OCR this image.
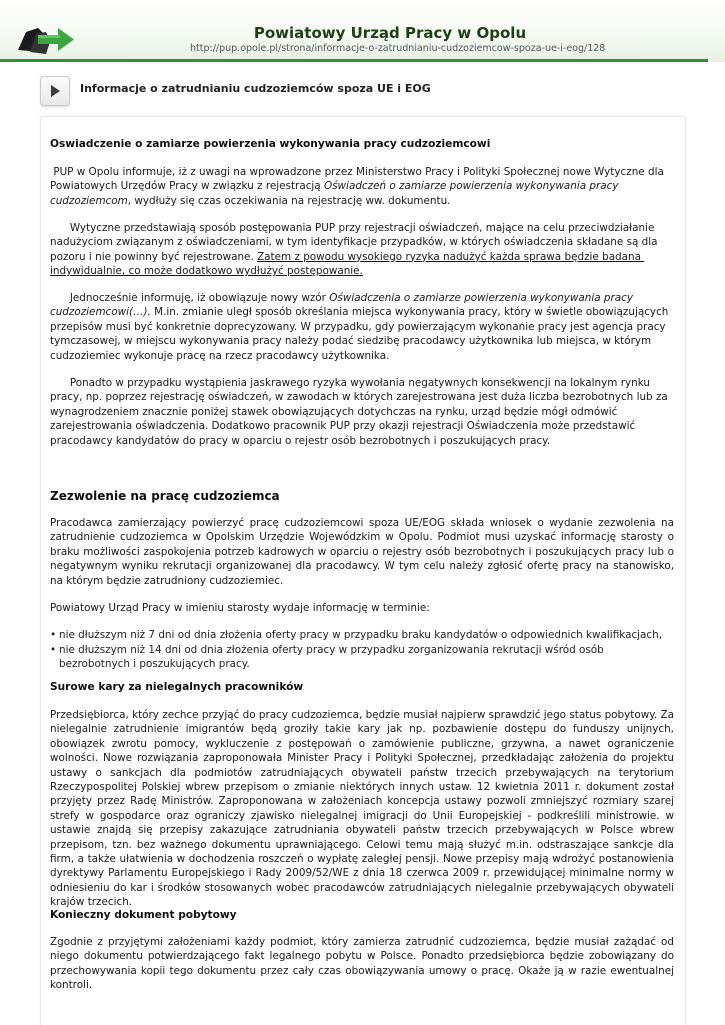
Powiatowy Urząd Pracy w Opolu
http://pup.opole.pl/strona/informacje-o-zatrudnianiu-cudzoziemcow-spoza-ue-i-eog/128
Informacje o zatrudnianiu cudzoziemców spoza UE i EOG
Oswiadczenie o zamiarze powierzenia wykonywania pracy cudzoziemcowi
PUP w Opolu informuje, iż z uwagi na wprowadzone przez Ministerstwo Pracy i Polityki Społecznej nowe Wytyczne dla Powiatowych Urzędów Pracy w związku z rejestracją Oświadczeń o zamiarze powierzenia wykonywania pracy cudzoziemcom, wydłuży się czas oczekiwania na rejestrację ww. dokumentu.
Wytyczne przedstawiają sposób postępowania PUP przy rejestracji oświadczeń, mające na celu przeciwdziałanie nadużyciom związanym z oświadczeniami, w tym identyfikacje przypadków, w których oświadczenia składane są dla pozoru i nie powinny być rejestrowane. Zatem z powodu wysokiego ryzyka nadużyć każda sprawa będzie badana indywidualnie, co może dodatkowo wydłużyć postępowanie.
Jednocześnie informuję, iż obowiązuje nowy wzór Oświadczenia o zamiarze powierzenia wykonywania pracy cudzoziemcowi(…). M.in. zmianie uległ sposób określania miejsca wykonywania pracy, który w świetle obowiązujących przepisów musi być konkretnie doprecyzowany. W przypadku, gdy powierzającym wykonanie pracy jest agencja pracy tymczasowej, w miejscu wykonywania pracy należy podać siedzibę pracodawcy użytkownika lub miejsca, w którym cudzoziemiec wykonuje pracę na rzecz pracodawcy użytkownika.
Ponadto w przypadku wystąpienia jaskrawego ryzyka wywołania negatywnych konsekwencji na lokalnym rynku pracy, np. poprzez rejestrację oświadczeń, w zawodach w których zarejestrowana jest duża liczba bezrobotnych lub za wynagrodzeniem znacznie poniżej stawek obowiązujących dotychczas na rynku, urząd będzie mógł odmówić zarejestrowania oświadczenia. Dodatkowo pracownik PUP przy okazji rejestracji Oświadczenia może przedstawić pracodawcy kandydatów do pracy w oparciu o rejestr osób bezrobotnych i poszukujących pracy.
Zezwolenie na pracę cudzoziemca
Pracodawca zamierzający powierzyć pracę cudzoziemcowi spoza UE/EOG składa wniosek o wydanie zezwolenia na zatrudnienie cudzoziemca w Opolskim Urzędzie Wojewódzkim w Opolu. Podmiot musi uzyskać informację starosty o braku możliwości zaspokojenia potrzeb kadrowych w oparciu o rejestry osób bezrobotnych i poszukujących pracy lub o negatywnym wyniku rekrutacji organizowanej dla pracodawcy. W tym celu należy zgłosić ofertę pracy na stanowisko, na którym będzie zatrudniony cudzoziemiec.
Powiatowy Urząd Pracy w imieniu starosty wydaje informację w terminie:
• nie dłuższym niż 7 dni od dnia złożenia oferty pracy w przypadku braku kandydatów o odpowiednich kwalifikacjach,
• nie dłuższym niż 14 dni od dnia złożenia oferty pracy w przypadku zorganizowania rekrutacji wśród osób bezrobotnych i poszukujących pracy.
Surowe kary za nielegalnych pracowników
Przedsiębiorca, który zechce przyjąć do pracy cudzoziemca, będzie musiał najpierw sprawdzić jego status pobytowy. Za nielegalnie zatrudnienie imigrantów będą groziły takie kary jak np. pozbawienie dostępu do funduszy unijnych, obowiązek zwrotu pomocy, wykluczenie z postępowań o zamówienie publiczne, grzywna, a nawet ograniczenie wolności. Nowe rozwiązania zaproponowała Minister Pracy i Polityki Społecznej, przedkładając założenia do projektu ustawy o sankcjach dla podmiotów zatrudniających obywateli państw trzecich przebywających na terytorium Rzeczypospolitej Polskiej wbrew przepisom o zmianie niektórych innych ustaw. 12 kwietnia 2011 r. dokument został przyjęty przez Radę Ministrów. Zaproponowana w założeniach koncepcja ustawy pozwoli zmniejszyć rozmiary szarej strefy w gospodarce oraz ograniczy zjawisko nielegalnej imigracji do Unii Europejskiej - podkreślili ministrowie. w ustawie znajdą się przepisy zakazujące zatrudniania obywateli państw trzecich przebywających w Polsce wbrew przepisom, tzn. bez ważnego dokumentu uprawniającego. Celowi temu mają służyć m.in. odstraszające sankcje dla firm, a także ułatwienia w dochodzenia roszczeń o wypłatę zaległej pensji. Nowe przepisy mają wdrożyć postanowienia dyrektywy Parlamentu Europejskiego i Rady 2009/52/WE z dnia 18 czerwca 2009 r. przewidującej minimalne normy w odniesieniu do kar i środków stosowanych wobec pracodawców zatrudniających nielegalnie przebywających obywateli krajów trzecich.
Konieczny dokument pobytowy
Zgodnie z przyjętymi założeniami każdy podmiot, który zamierza zatrudnić cudzoziemca, będzie musiał zażądać od niego dokumentu potwierdzającego fakt legalnego pobytu w Polsce. Ponadto przedsiębiorca będzie zobowiązany do przechowywania kopii tego dokumentu przez cały czas obowiązywania umowy o pracę. Okaże ją w razie ewentualnej kontroli.
